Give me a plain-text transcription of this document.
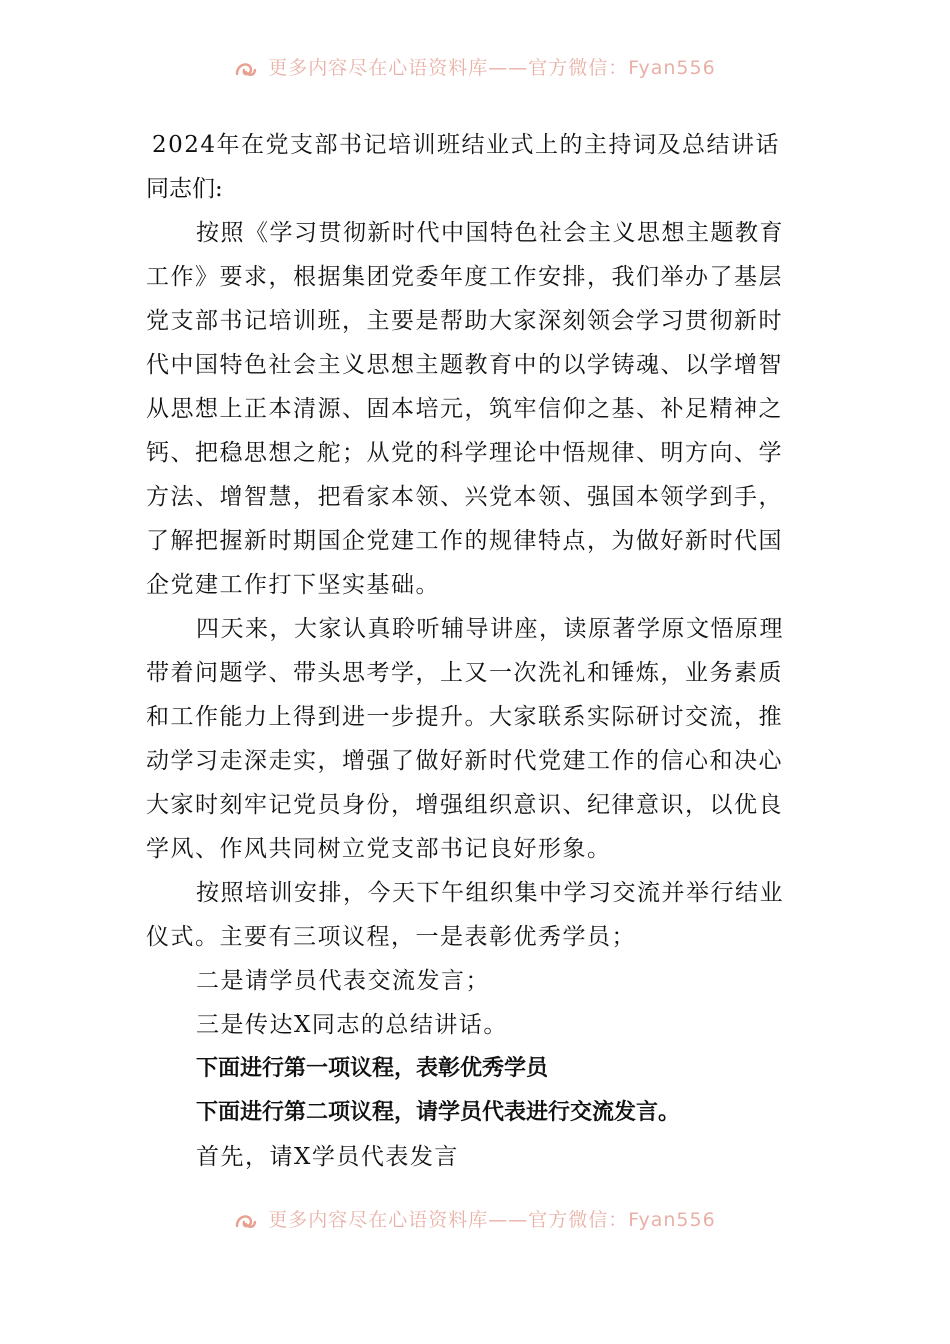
更多内容尽在心语资料库——官方微信：Fyan556
2024年在党支部书记培训班结业式上的主持词及总结讲话
同志们:
按照《学习贯彻新时代中国特色社会主义思想主题教育
工作》要求，根据集团党委年度工作安排，我们举办了基层
党支部书记培训班，主要是帮助大家深刻领会学习贯彻新时
代中国特色社会主义思想主题教育中的以学铸魂、以学增智
从思想上正本清源、固本培元，筑牢信仰之基、补足精神之
钙、把稳思想之舵；从党的科学理论中悟规律、明方向、学
方法、增智慧，把看家本领、兴党本领、强国本领学到手，
了解把握新时期国企党建工作的规律特点，为做好新时代国
企党建工作打下坚实基础。
四天来，大家认真聆听辅导讲座，读原著学原文悟原理
带着问题学、带头思考学，上又一次洗礼和锤炼，业务素质
和工作能力上得到进一步提升。大家联系实际研讨交流，推
动学习走深走实，增强了做好新时代党建工作的信心和决心
大家时刻牢记党员身份，增强组织意识、纪律意识，以优良
学风、作风共同树立党支部书记良好形象。
按照培训安排，今天下午组织集中学习交流并举行结业
仪式。主要有三项议程，一是表彰优秀学员；
二是请学员代表交流发言；
三是传达X同志的总结讲话。
下面进行第一项议程，表彰优秀学员
下面进行第二项议程，请学员代表进行交流发言。
首先，请X学员代表发言
更多内容尽在心语资料库——官方微信：Fyan556
